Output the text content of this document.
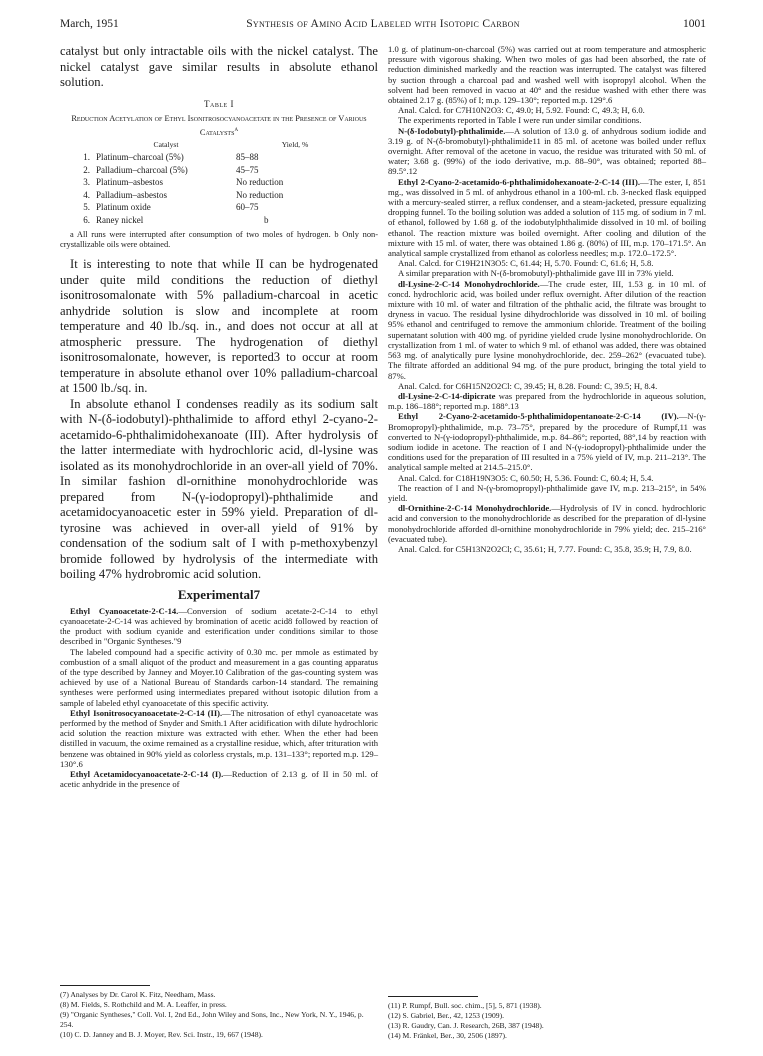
March, 1951	Synthesis of Amino Acid Labeled with Isotopic Carbon	1001

catalyst but only intractable oils with the nickel catalyst. The nickel catalyst gave similar results in absolute ethanol solution.

Table I
Reduction Acetylation of Ethyl Isonitrosocyanoacetate in the Presence of Various Catalysts$^a$
	Catalyst	Yield, %
1.	Platinum–charcoal (5%)	85–88
2.	Palladium–charcoal (5%)	45–75
3.	Platinum–asbestos	No reduction
4.	Palladium–asbestos	No reduction
5.	Platinum oxide	60–75
6.	Raney nickel	b

a All runs were interrupted after consumption of two moles of hydrogen. b Only non-crystallizable oils were obtained.

It is interesting to note that while II can be hydrogenated under quite mild conditions the reduction of diethyl isonitrosomalonate with 5% palladium-charcoal in acetic anhydride solution is slow and incomplete at room temperature and 40 lb./sq. in., and does not occur at all at atmospheric pressure. The hydrogenation of diethyl isonitrosomalonate, however, is reported3 to occur at room temperature in absolute ethanol over 10% palladium-charcoal at 1500 lb./sq. in.

In absolute ethanol I condenses readily as its sodium salt with N-(δ-iodobutyl)-phthalimide to afford ethyl 2-cyano-2-acetamido-6-phthalimidohexanoate (III). After hydrolysis of the latter intermediate with hydrochloric acid, dl-lysine was isolated as its monohydrochloride in an over-all yield of 70%. In similar fashion dl-ornithine monohydrochloride was prepared from N-(γ-iodopropyl)-phthalimide and acetamidocyanoacetic ester in 59% yield. Preparation of dl-tyrosine was achieved in over-all yield of 91% by condensation of the sodium salt of I with p-methoxybenzyl bromide followed by hydrolysis of the intermediate with boiling 47% hydrobromic acid solution.

Experimental7

Ethyl Cyanoacetate-2-C-14.—Conversion of sodium acetate-2-C-14 to ethyl cyanoacetate-2-C-14 was achieved by bromination of acetic acid8 followed by reaction of the product with sodium cyanide and esterification under conditions similar to those described in "Organic Syntheses."9

The labeled compound had a specific activity of 0.30 mc. per mmole as estimated by combustion of a small aliquot of the product and measurement in a gas counting apparatus of the type described by Janney and Moyer.10 Calibration of the gas-counting system was achieved by use of a National Bureau of Standards carbon-14 standard. The remaining syntheses were performed using intermediates prepared without isotopic dilution from a sample of labeled ethyl cyanoacetate of this specific activity.

Ethyl Isonitrosocyanoacetate-2-C-14 (II).—The nitrosation of ethyl cyanoacetate was performed by the method of Snyder and Smith.1 After acidification with dilute hydrochloric acid solution the reaction mixture was extracted with ether. When the ether had been distilled in vacuum, the oxime remained as a crystalline residue, which, after trituration with benzene was obtained in 90% yield as colorless crystals, m.p. 131–133°; reported m.p. 129–130°.6

Ethyl Acetamidocyanoacetate-2-C-14 (I).—Reduction of 2.13 g. of II in 50 ml. of acetic anhydride in the presence of

(7) Analyses by Dr. Carol K. Fitz, Needham, Mass.

(8) M. Fields, S. Rothchild and M. A. Leaffer, in press.

(9) "Organic Syntheses," Coll. Vol. I, 2nd Ed., John Wiley and Sons, Inc., New York, N. Y., 1946, p. 254.

(10) C. D. Janney and B. J. Moyer, Rev. Sci. Instr., 19, 667 (1948).

1.0 g. of platinum-on-charcoal (5%) was carried out at room temperature and atmospheric pressure with vigorous shaking. When two moles of gas had been absorbed, the rate of reduction diminished markedly and the reaction was interrupted. The catalyst was filtered by suction through a charcoal pad and washed well with isopropyl alcohol. When the solvent had been removed in vacuo at 40° and the residue washed with ether there was obtained 2.17 g. (85%) of I; m.p. 129–130°; reported m.p. 129°.6

Anal. Calcd. for C7H10N2O3: C, 49.0; H, 5.92. Found: C, 49.3; H, 6.0.

The experiments reported in Table I were run under similar conditions.

N-(δ-Iodobutyl)-phthalimide.—A solution of 13.0 g. of anhydrous sodium iodide and 3.19 g. of N-(δ-bromobutyl)-phthalimide11 in 85 ml. of acetone was boiled under reflux overnight. After removal of the acetone in vacuo, the residue was triturated with 50 ml. of water; 3.68 g. (99%) of the iodo derivative, m.p. 88–90°, was obtained; reported 88–89.5°.12

Ethyl 2-Cyano-2-acetamido-6-phthalimidohexanoate-2-C-14 (III).—The ester, I, 851 mg., was dissolved in 5 ml. of anhydrous ethanol in a 100-ml. r.b. 3-necked flask equipped with a mercury-sealed stirrer, a reflux condenser, and a steam-jacketed, pressure equalizing dropping funnel. To the boiling solution was added a solution of 115 mg. of sodium in 7 ml. of ethanol, followed by 1.68 g. of the iodobutylphthalimide dissolved in 10 ml. of boiling ethanol. The reaction mixture was boiled overnight. After cooling and dilution of the mixture with 15 ml. of water, there was obtained 1.86 g. (80%) of III, m.p. 170–171.5°. An analytical sample crystallized from ethanol as colorless needles; m.p. 172.0–172.5°.

Anal. Calcd. for C19H21N3O5: C, 61.44; H, 5.70. Found: C, 61.6; H, 5.8.

A similar preparation with N-(δ-bromobutyl)-phthalimide gave III in 73% yield.

dl-Lysine-2-C-14 Monohydrochloride.—The crude ester, III, 1.53 g. in 10 ml. of concd. hydrochloric acid, was boiled under reflux overnight. After dilution of the reaction mixture with 10 ml. of water and filtration of the phthalic acid, the filtrate was brought to dryness in vacuo. The residual lysine dihydrochloride was dissolved in 10 ml. of boiling 95% ethanol and centrifuged to remove the ammonium chloride. Treatment of the boiling supernatant solution with 400 mg. of pyridine yielded crude lysine monohydrochloride. On crystallization from 1 ml. of water to which 9 ml. of ethanol was added, there was obtained 563 mg. of analytically pure lysine monohydrochloride, dec. 259–262° (evacuated tube). The filtrate afforded an additional 94 mg. of the pure product, bringing the total yield to 87%.

Anal. Calcd. for C6H15N2O2Cl: C, 39.45; H, 8.28. Found: C, 39.5; H, 8.4.

dl-Lysine-2-C-14-dipicrate was prepared from the hydrochloride in aqueous solution, m.p. 186–188°; reported m.p. 188°.13

Ethyl 2-Cyano-2-acetamido-5-phthalimidopentanoate-2-C-14 (IV).—N-(γ-Bromopropyl)-phthalimide, m.p. 73–75°, prepared by the procedure of Rumpf,11 was converted to N-(γ-iodopropyl)-phthalimide, m.p. 84–86°; reported, 88°,14 by reaction with sodium iodide in acetone. The reaction of I and N-(γ-iodopropyl)-phthalimide under the conditions used for the preparation of III resulted in a 75% yield of IV, m.p. 211–213°. The analytical sample melted at 214.5–215.0°.

Anal. Calcd. for C18H19N3O5: C, 60.50; H, 5.36. Found: C, 60.4; H, 5.4.

The reaction of I and N-(γ-bromopropyl)-phthalimide gave IV, m.p. 213–215°, in 54% yield.

dl-Ornithine-2-C-14 Monohydrochloride.—Hydrolysis of IV in concd. hydrochloric acid and conversion to the monohydrochloride as described for the preparation of dl-lysine monohydrochloride afforded dl-ornithine monohydrochloride in 79% yield; dec. 215–216° (evacuated tube).

Anal. Calcd. for C5H13N2O2Cl; C, 35.61; H, 7.77. Found: C, 35.8, 35.9; H, 7.9, 8.0.

(11) P. Rumpf, Bull. soc. chim., [5], 5, 871 (1938).

(12) S. Gabriel, Ber., 42, 1253 (1909).

(13) R. Gaudry, Can. J. Research, 26B, 387 (1948).

(14) M. Fränkel, Ber., 30, 2506 (1897).
